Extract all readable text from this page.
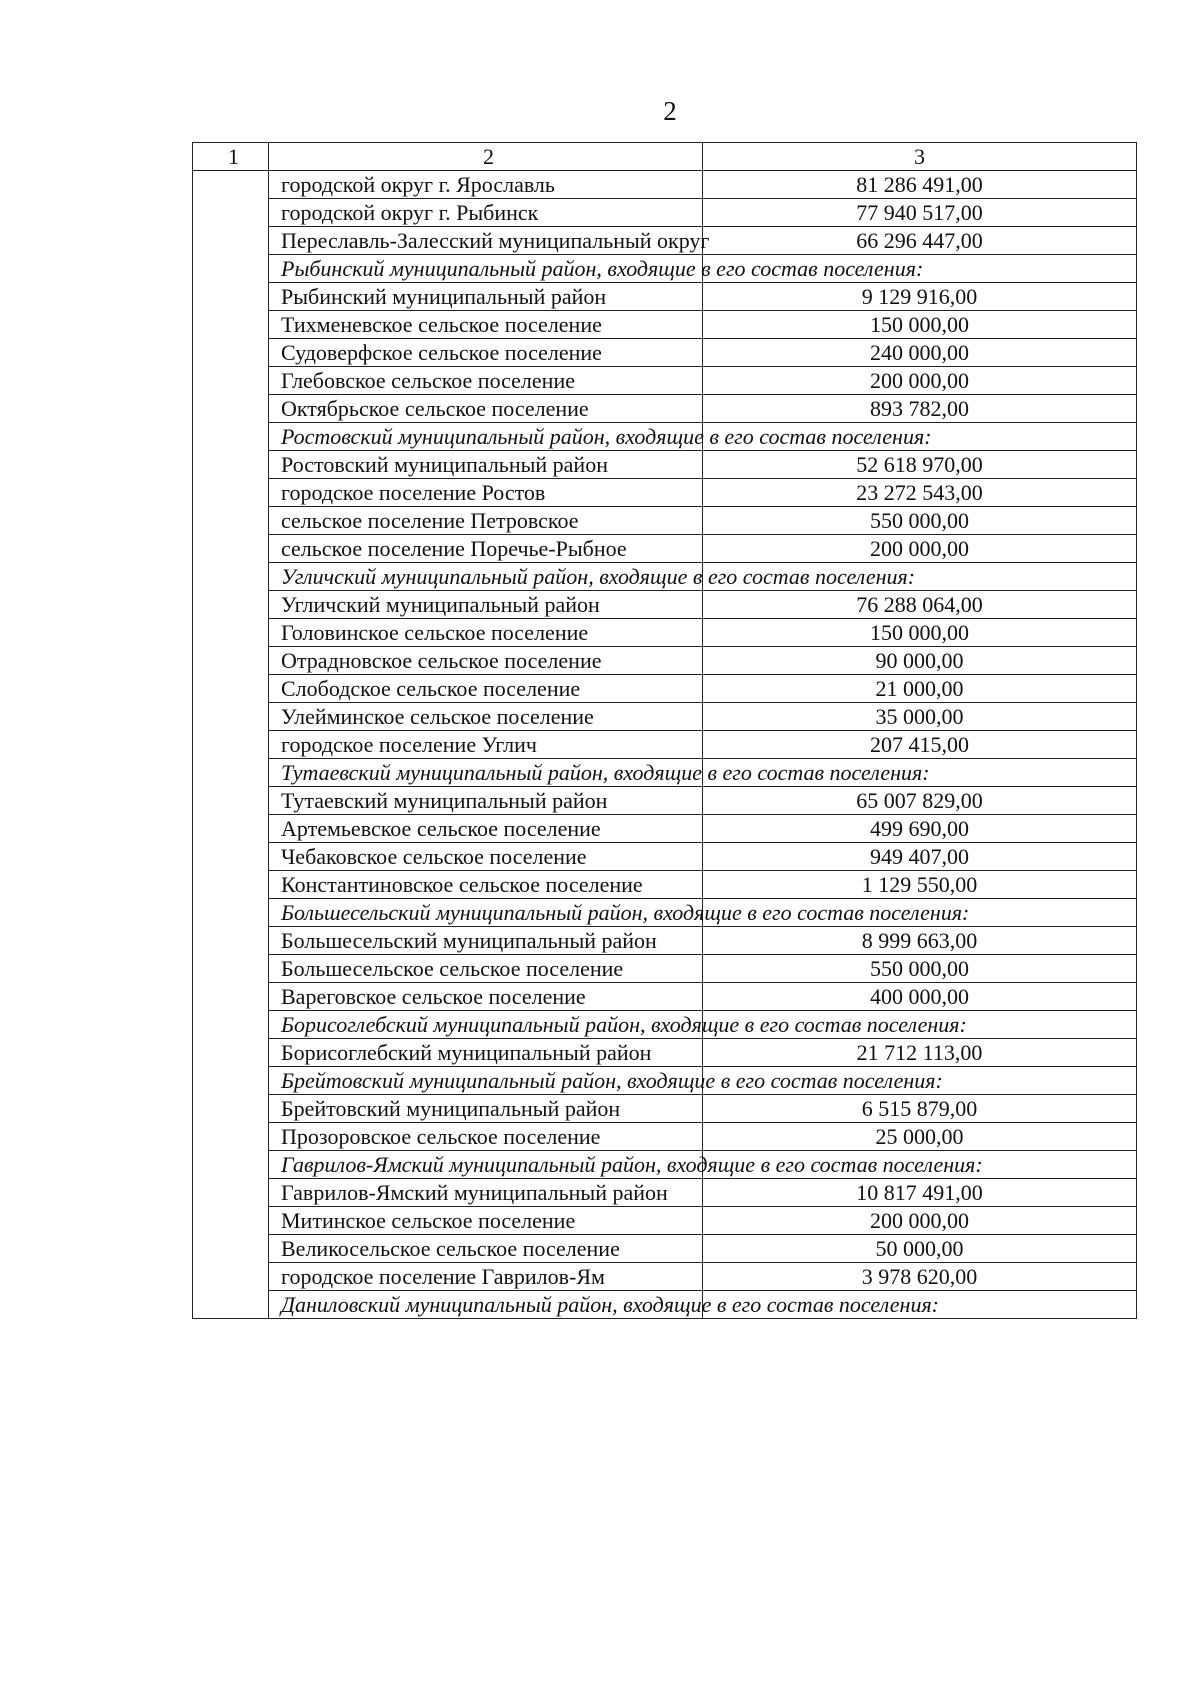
2
1	2	3
	городской округ г. Ярославль	81 286 491,00
	городской округ г. Рыбинск	77 940 517,00
	Переславль-Залесский муниципальный округ	66 296 447,00
	Рыбинский муниципальный район, входящие в его состав поселения:	
	Рыбинский муниципальный район	9 129 916,00
	Тихменевское сельское поселение	150 000,00
	Судоверфское сельское поселение	240 000,00
	Глебовское сельское поселение	200 000,00
	Октябрьское сельское поселение	893 782,00
	Ростовский муниципальный район, входящие в его состав поселения:	
	Ростовский муниципальный район	52 618 970,00
	городское поселение Ростов	23 272 543,00
	сельское поселение Петровское	550 000,00
	сельское поселение Поречье-Рыбное	200 000,00
	Угличский муниципальный район, входящие в его состав поселения:	
	Угличский муниципальный район	76 288 064,00
	Головинское сельское поселение	150 000,00
	Отрадновское сельское поселение	90 000,00
	Слободское сельское поселение	21 000,00
	Улейминское сельское поселение	35 000,00
	городское поселение Углич	207 415,00
	Тутаевский муниципальный район, входящие в его состав поселения:	
	Тутаевский муниципальный район	65 007 829,00
	Артемьевское сельское поселение	499 690,00
	Чебаковское сельское поселение	949 407,00
	Константиновское сельское поселение	1 129 550,00
	Большесельский муниципальный район, входящие в его состав поселения:	
	Большесельский муниципальный район	8 999 663,00
	Большесельское сельское поселение	550 000,00
	Вареговское сельское поселение	400 000,00
	Борисоглебский муниципальный район, входящие в его состав поселения:	
	Борисоглебский муниципальный район	21 712 113,00
	Брейтовский муниципальный район, входящие в его состав поселения:	
	Брейтовский муниципальный район	6 515 879,00
	Прозоровское сельское поселение	25 000,00
	Гаврилов-Ямский муниципальный район, входящие в его состав поселения:	
	Гаврилов-Ямский муниципальный район	10 817 491,00
	Митинское сельское поселение	200 000,00
	Великосельское сельское поселение	50 000,00
	городское поселение Гаврилов-Ям	3 978 620,00
	Даниловский муниципальный район, входящие в его состав поселения:	
